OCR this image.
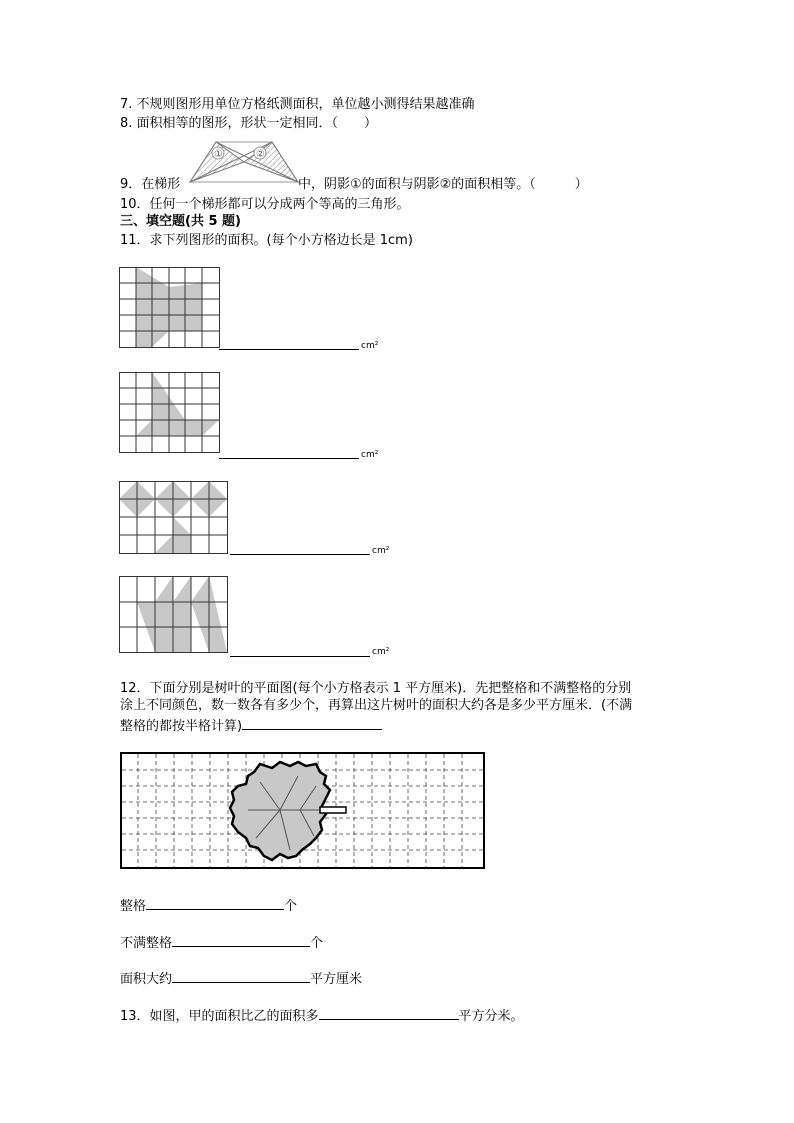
7. 不规则图形用单位方格纸测面积，单位越小测得结果越准确
8. 面积相等的图形，形状一定相同．（　　）
①	②
9．在梯形	中，阴影①的面积与阴影②的面积相等。（　　　）
10．任何一个梯形都可以分成两个等高的三角形。
三、填空题(共 5 题)
11．求下列图形的面积。(每个小方格边长是 1cm)
cm²
cm²
cm²
cm²
12．下面分别是树叶的平面图(每个小方格表示 1 平方厘米)．先把整格和不满整格的分别
涂上不同颜色，数一数各有多少个，再算出这片树叶的面积大约各是多少平方厘米．(不满
整格的都按半格计算)
整格	个
不满整格	个
面积大约	平方厘米
13．如图，甲的面积比乙的面积多	平方分米。
